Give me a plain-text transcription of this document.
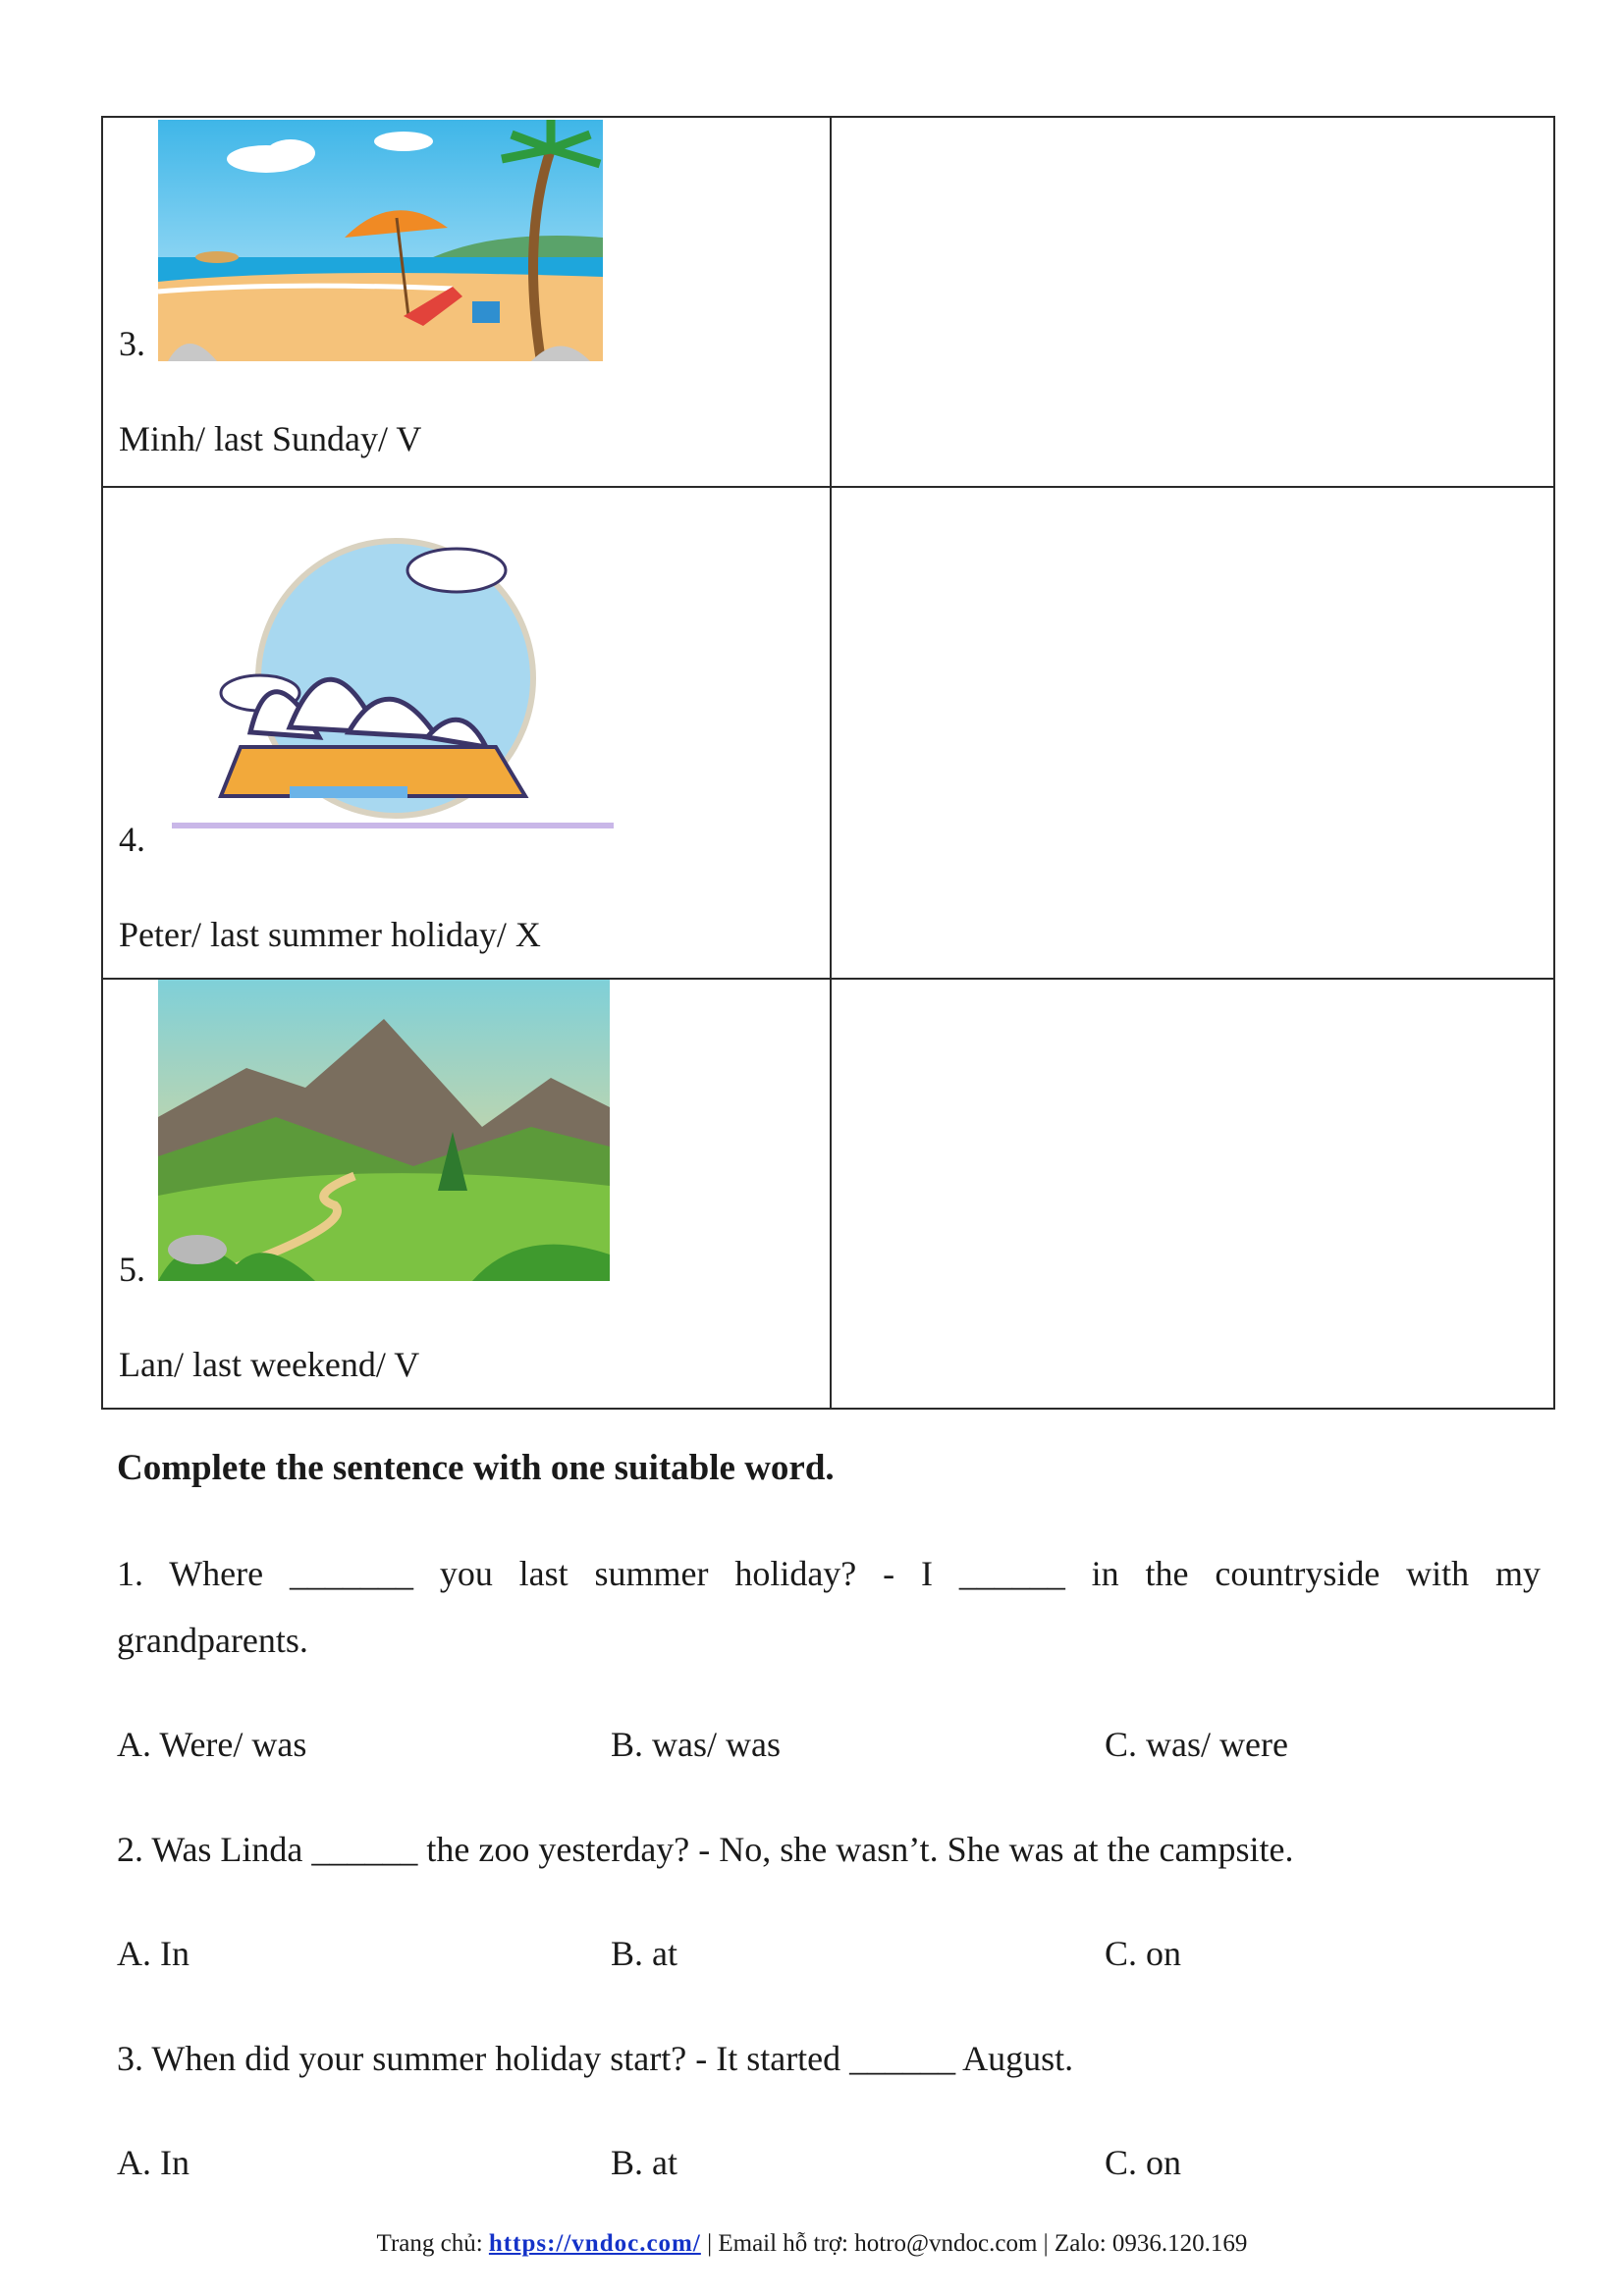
3.
Minh/ last Sunday/ V	

4.
Peter/ last summer holiday/ X	

5.
Lan/ last weekend/ V	

Complete the sentence with one suitable word.
1. Where _______ you last summer holiday? - I ______ in the countryside with my
grandparents.
A. Were/ was	B. was/ was	C. was/ were
2. Was Linda ______ the zoo yesterday? - No, she wasn’t. She was at the campsite.
A. In	B. at	C. on
3. When did your summer holiday start? - It started ______ August.
A. In	B. at	C. on
Trang chủ: https://vndoc.com/ | Email hỗ trợ: hotro@vndoc.com | Zalo: 0936.120.169
